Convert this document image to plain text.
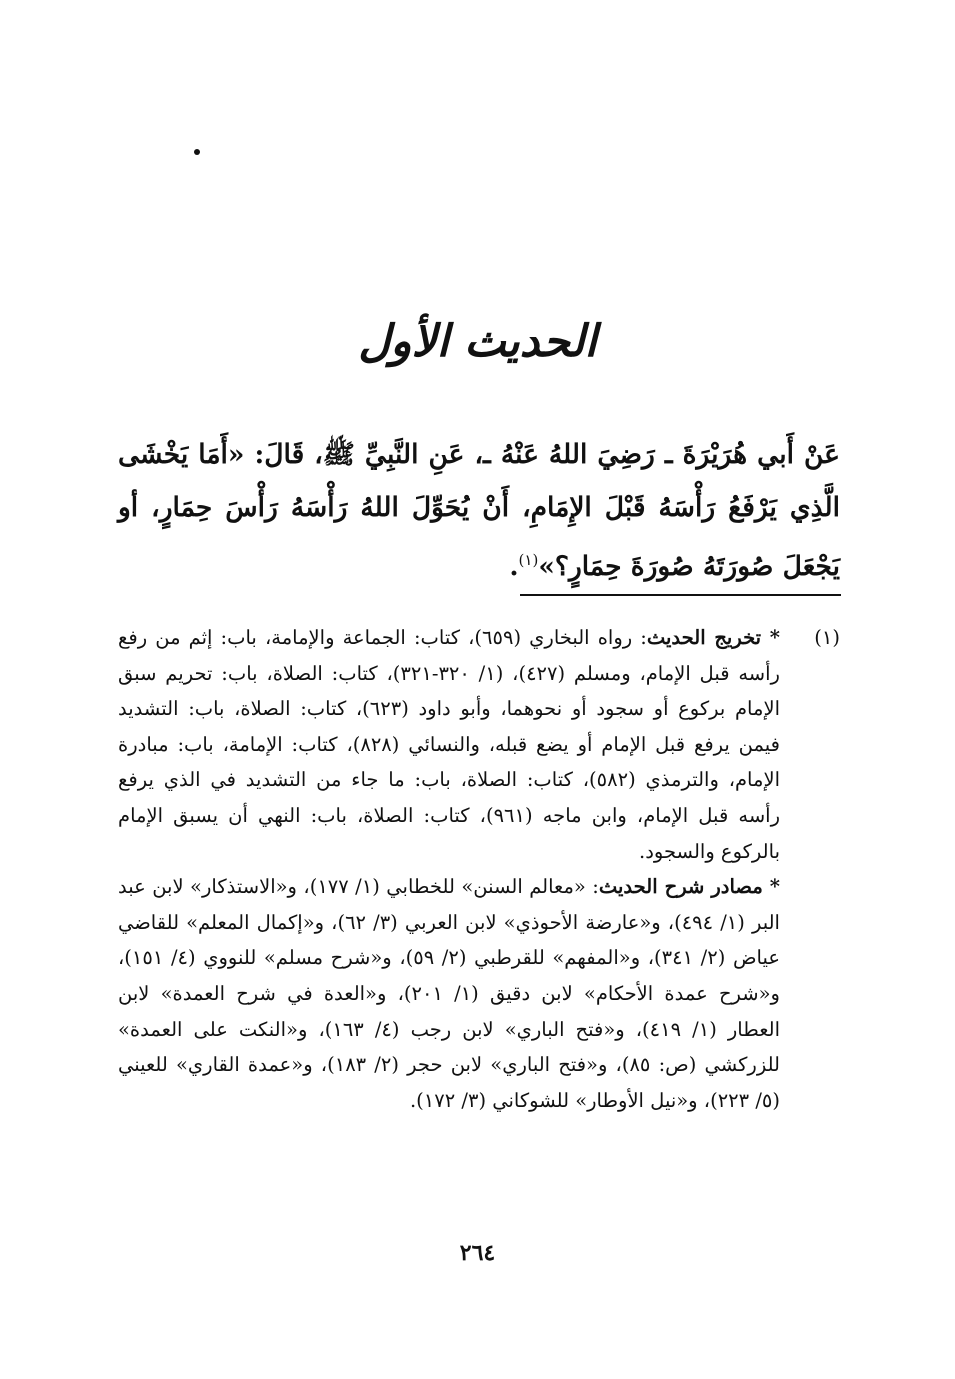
الحديث الأول
عَنْ أَبي هُرَيْرَةَ ـ رَضِيَ اللهُ عَنْهُ ـ، عَنِ النَّبِيِّ ﷺ، قَالَ: «أَمَا يَخْشَى الَّذِي يَرْفَعُ رَأْسَهُ قَبْلَ الإِمَامِ، أَنْ يُحَوِّلَ اللهُ رَأْسَهُ رَأْسَ حِمَارٍ، أو يَجْعَلَ صُورَتَهُ صُورَةَ حِمَارٍ؟»$^{(١)}$.
(١)

* تخريج الحديث: رواه البخاري (٦٥٩)، كتاب: الجماعة والإمامة، باب: إثم من رفع رأسه قبل الإمام، ومسلم (٤٢٧)، (١/ ٣٢٠-٣٢١)، كتاب: الصلاة، باب: تحريم سبق الإمام بركوع أو سجود أو نحوهما، وأبو داود (٦٢٣)، كتاب: الصلاة، باب: التشديد فيمن يرفع قبل الإمام أو يضع قبله، والنسائي (٨٢٨)، كتاب: الإمامة، باب: مبادرة الإمام، والترمذي (٥٨٢)، كتاب: الصلاة، باب: ما جاء من التشديد في الذي يرفع رأسه قبل الإمام، وابن ماجه (٩٦١)، كتاب: الصلاة، باب: النهي أن يسبق الإمام بالركوع والسجود.

* مصادر شرح الحديث: «معالم السنن» للخطابي (١/ ١٧٧)، و«الاستذكار» لابن عبد البر (١/ ٤٩٤)، و«عارضة الأحوذي» لابن العربي (٣/ ٦٢)، و«إكمال المعلم» للقاضي عياض (٢/ ٣٤١)، و«المفهم» للقرطبي (٢/ ٥٩)، و«شرح مسلم» للنووي (٤/ ١٥١)، و«شرح عمدة الأحكام» لابن دقيق (١/ ٢٠١)، و«العدة في شرح العمدة» لابن العطار (١/ ٤١٩)، و«فتح الباري» لابن رجب (٤/ ١٦٣)، و«النكت على العمدة» للزركشي (ص: ٨٥)، و«فتح الباري» لابن حجر (٢/ ١٨٣)، و«عمدة القاري» للعيني (٥/ ٢٢٣)، و«نيل الأوطار» للشوكاني (٣/ ١٧٢).

٢٦٤
